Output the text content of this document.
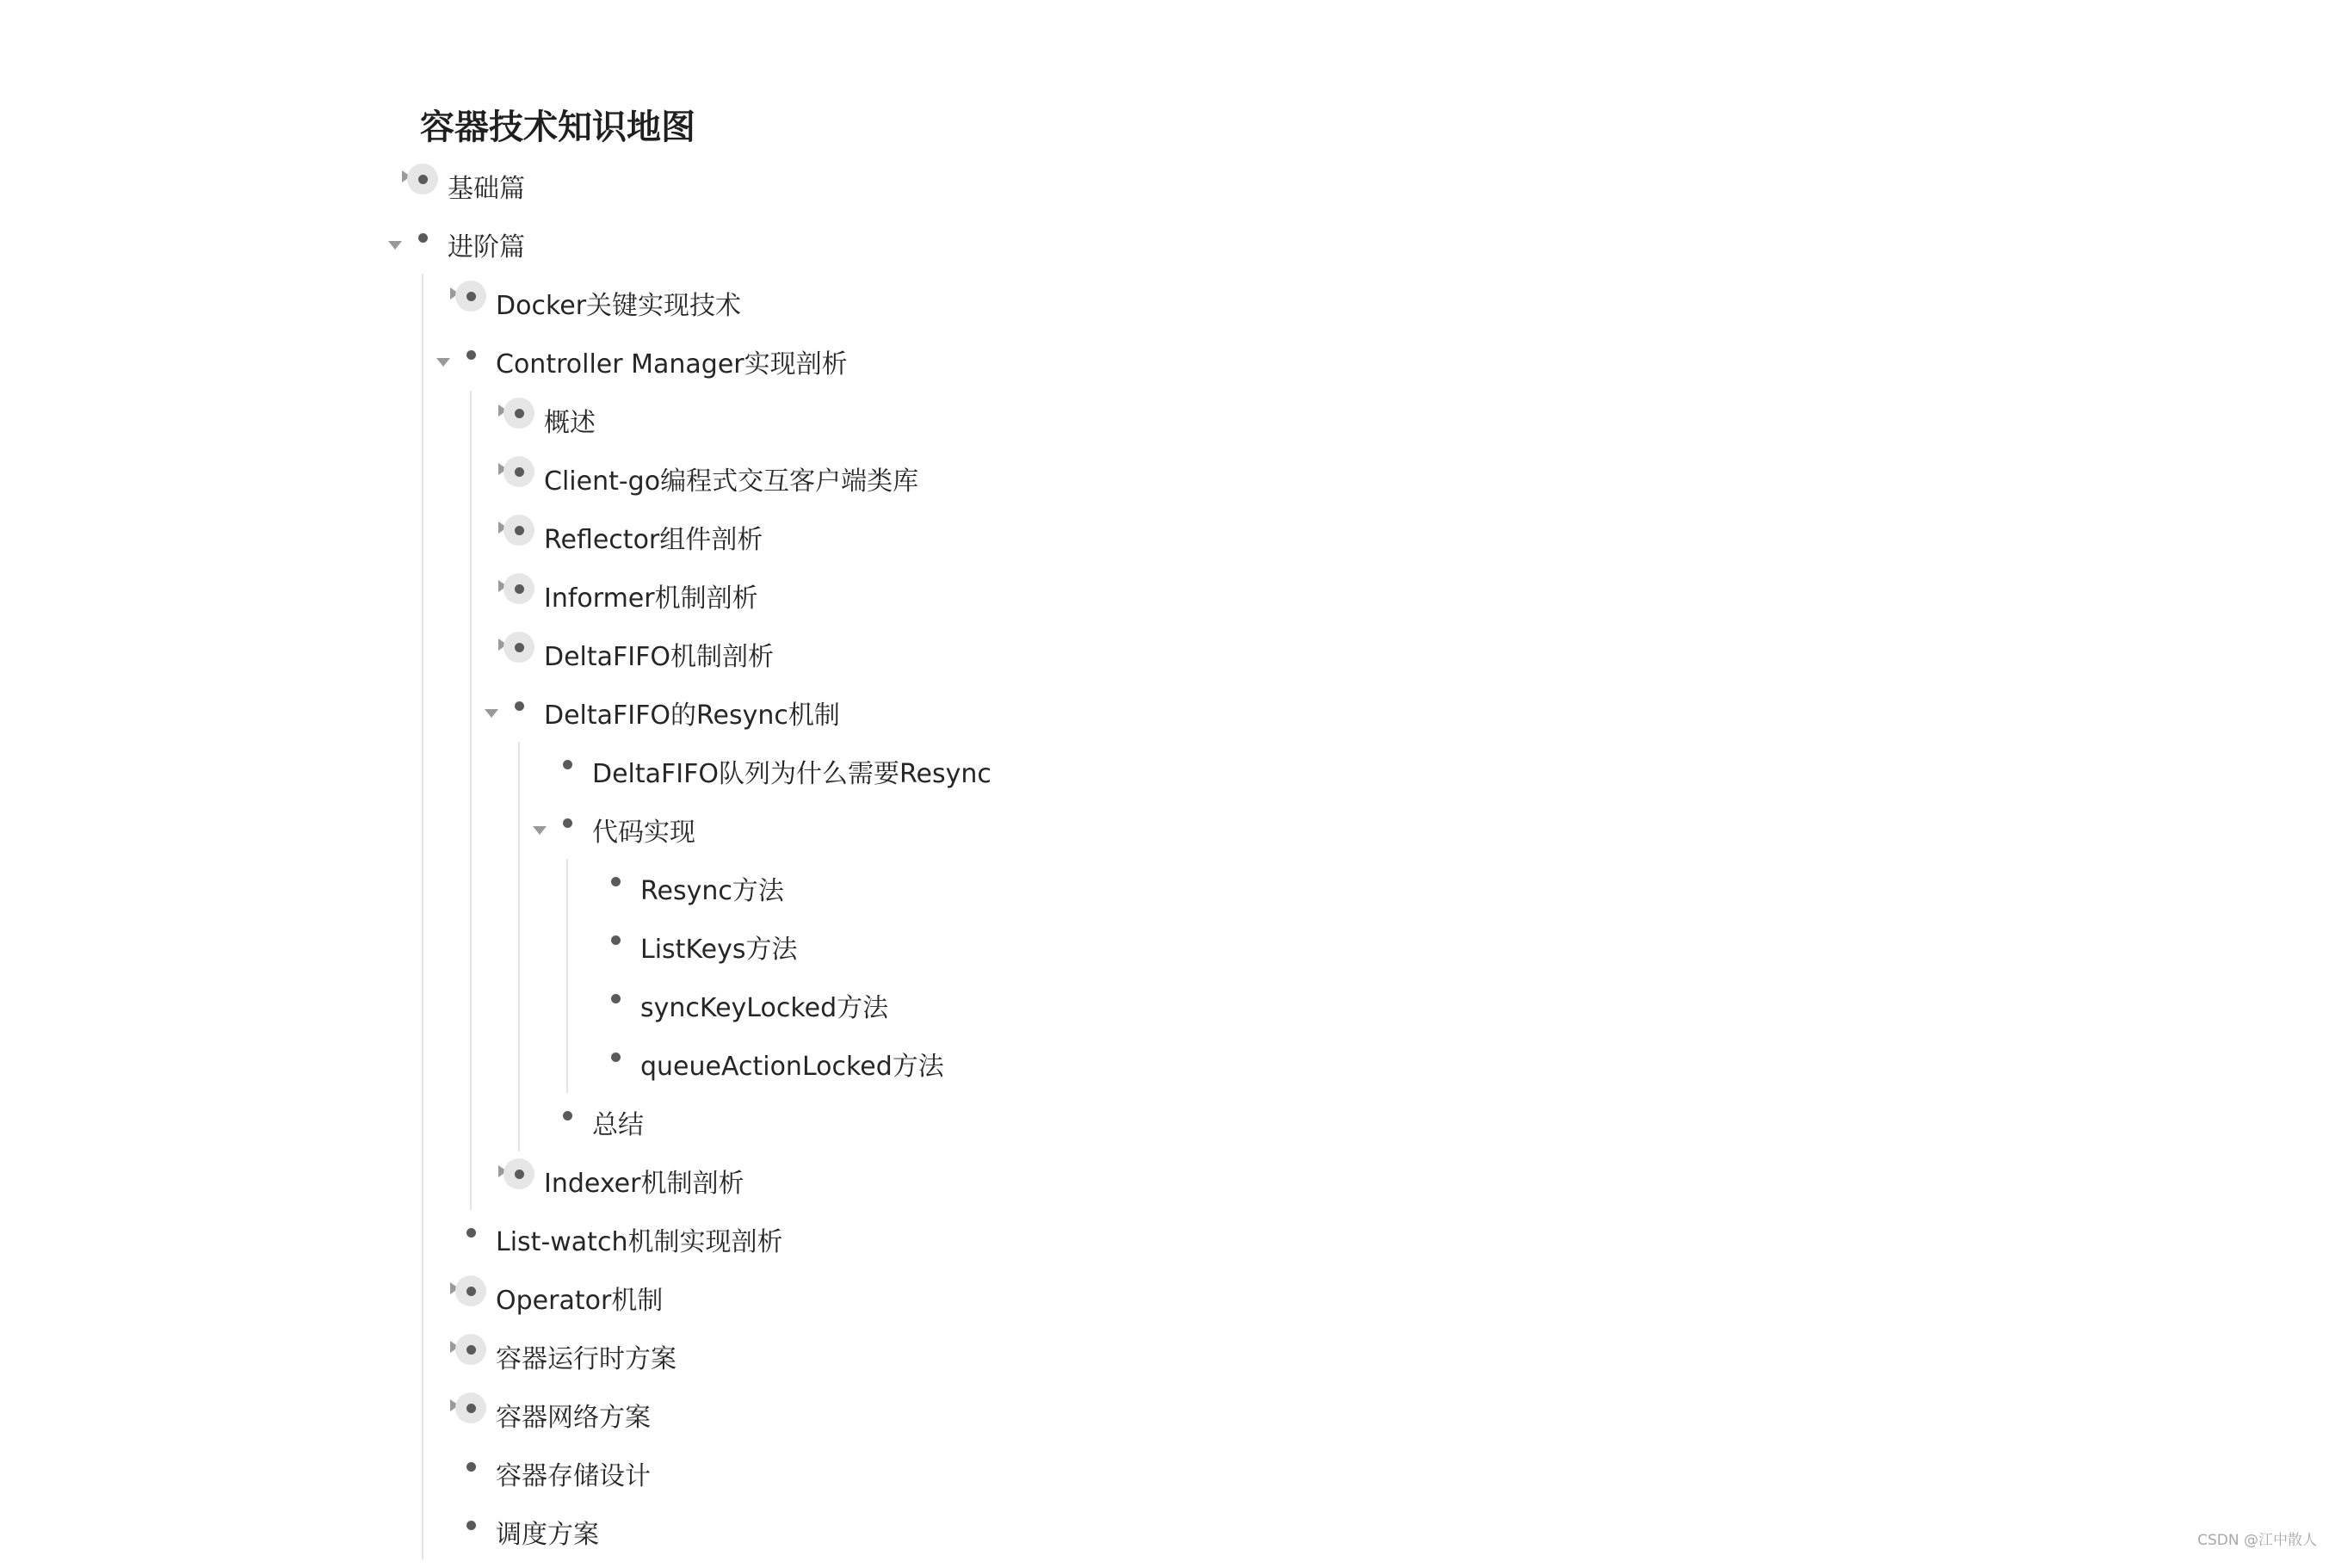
容器技术知识地图
基础篇
进阶篇
Docker关键实现技术
Controller Manager实现剖析
概述
Client-go编程式交互客户端类库
Reflector组件剖析
Informer机制剖析
DeltaFIFO机制剖析
DeltaFIFO的Resync机制
DeltaFIFO队列为什么需要Resync
代码实现
Resync方法
ListKeys方法
syncKeyLocked方法
queueActionLocked方法
总结
Indexer机制剖析
List-watch机制实现剖析
Operator机制
容器运行时方案
容器网络方案
容器存储设计
调度方案	CSDN @江中散人
